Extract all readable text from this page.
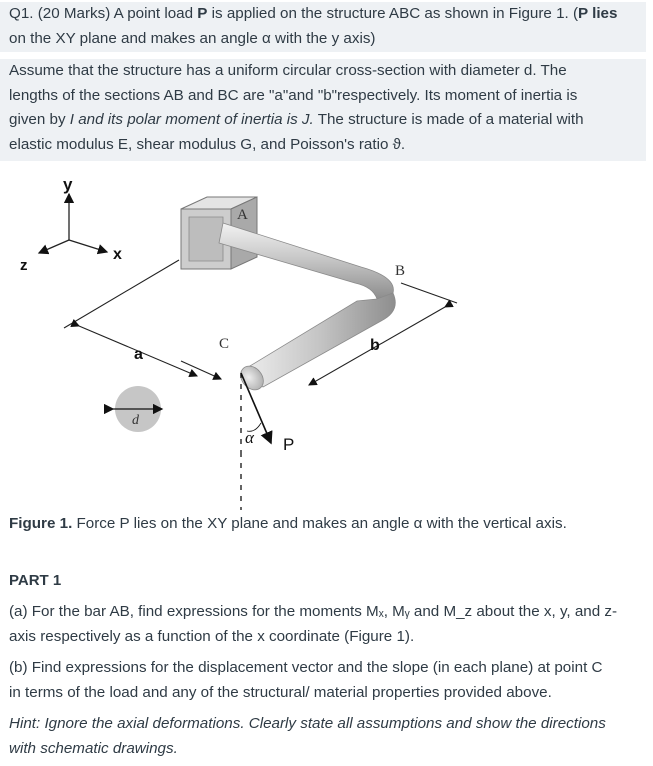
Q1. (20 Marks) A point load P is applied on the structure ABC as shown in Figure 1. (P lies
on the XY plane and makes an angle α with the y axis)
Assume that the structure has a uniform circular cross-section with diameter d. The
lengths of the sections AB and BC are "a"and "b"respectively. Its moment of inertia is
given by I and its polar moment of inertia is J. The structure is made of a material with
elastic modulus E, shear modulus G, and Poisson's ratio ϑ.
y
x
z
a
b
A
B
C
d
α P

Figure 1. Force P lies on the XY plane and makes an angle α with the vertical axis.

PART 1

(a) For the bar AB, find expressions for the moments Mₓ, Mᵧ and M_z about the x, y, and z-
axis respectively as a function of the x coordinate (Figure 1).

(b) Find expressions for the displacement vector and the slope (in each plane) at point C
in terms of the load and any of the structural/ material properties provided above.

Hint: Ignore the axial deformations. Clearly state all assumptions and show the directions
with schematic drawings.
